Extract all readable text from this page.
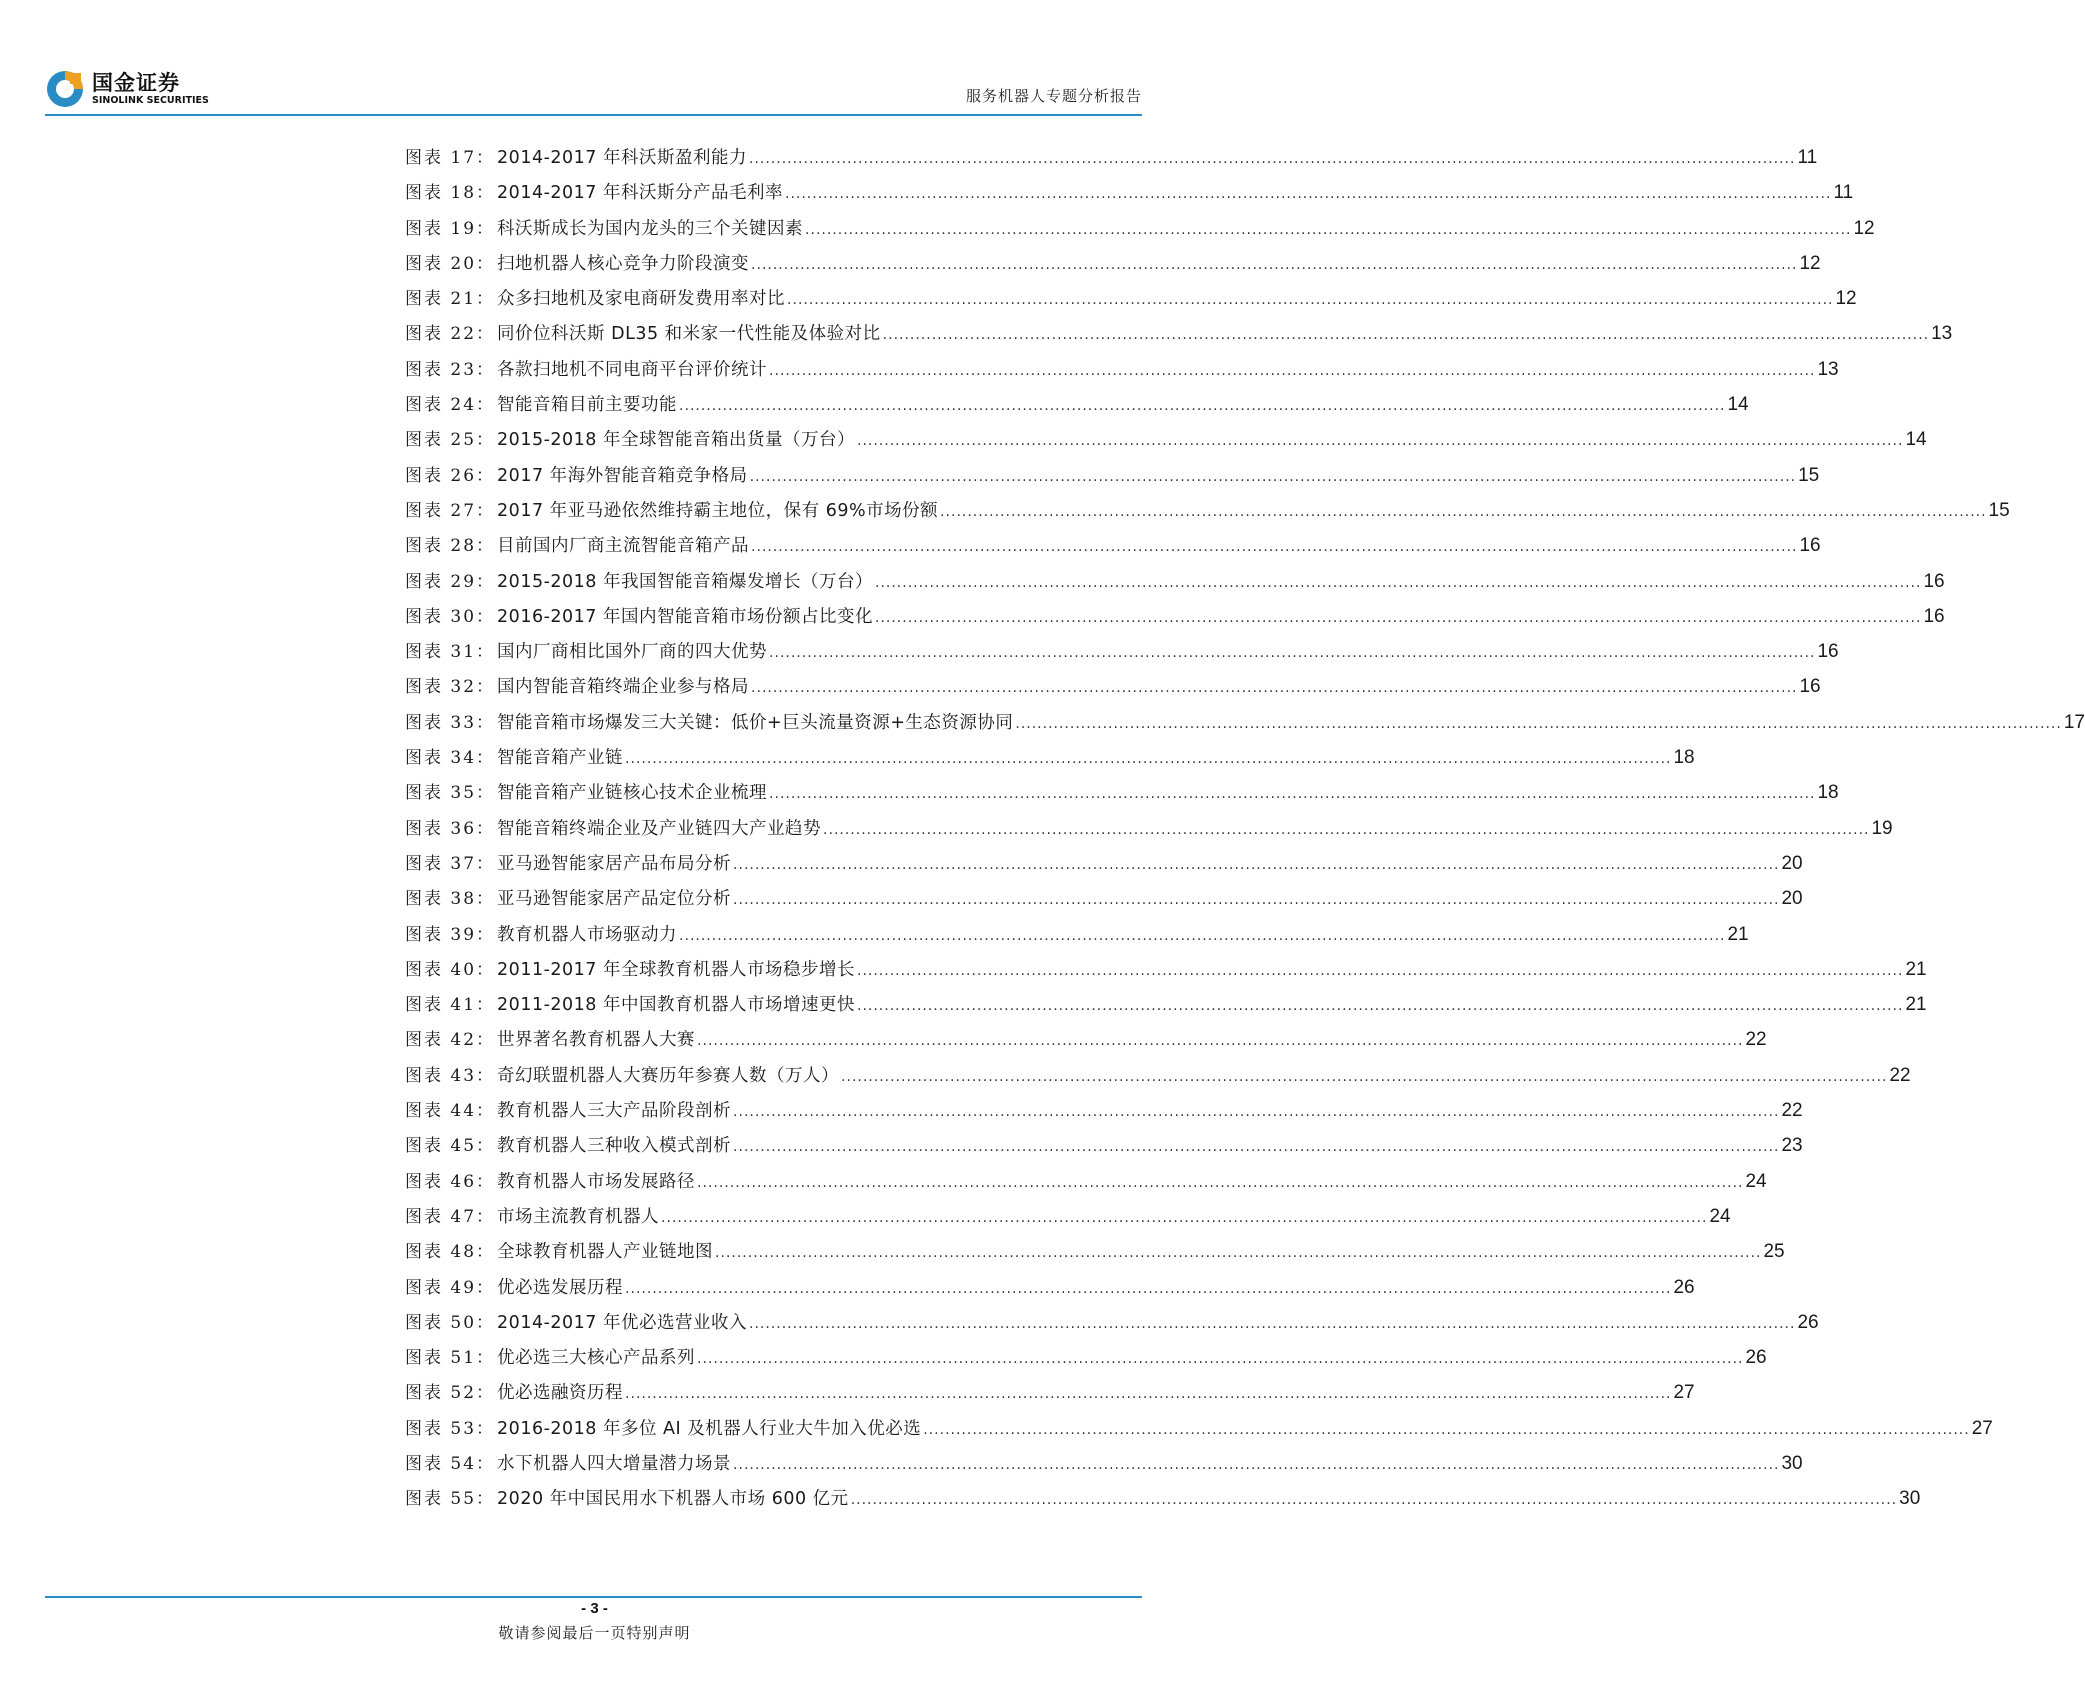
国金证券
SINOLINK SECURITIES	服务机器人专题分析报告
图表 17 ： 2014-2017 年科沃斯盈利能力 .....	11
图表 18 ： 2014-2017 年科沃斯分产品毛利率 .....	11
图表 19 ： 科沃斯成长为国内龙头的三个关键因素 .....	12
图表 20 ： 扫地机器人核心竞争力阶段演变 .....	12
图表 21 ： 众多扫地机及家电商研发费用率对比 .....	12
图表 22 ： 同价位科沃斯 DL35 和米家一代性能及体验对比 .....	13
图表 23 ： 各款扫地机不同电商平台评价统计 .....	13
图表 24 ： 智能音箱目前主要功能 .....	14
图表 25 ： 2015-2018 年全球智能音箱出货量（万台） .....	14
图表 26 ： 2017 年海外智能音箱竞争格局 .....	15
图表 27 ： 2017 年亚马逊依然维持霸主地位，保有 69%市场份额 .....	15
图表 28 ： 目前国内厂商主流智能音箱产品 .....	16
图表 29 ： 2015-2018 年我国智能音箱爆发增长（万台） .....	16
图表 30 ： 2016-2017 年国内智能音箱市场份额占比变化 .....	16
图表 31 ： 国内厂商相比国外厂商的四大优势 .....	16
图表 32 ： 国内智能音箱终端企业参与格局 .....	16
图表 33 ： 智能音箱市场爆发三大关键：低价+巨头流量资源+生态资源协同 .....	17
图表 34 ： 智能音箱产业链 .....	18
图表 35 ： 智能音箱产业链核心技术企业梳理 .....	18
图表 36 ： 智能音箱终端企业及产业链四大产业趋势 .....	19
图表 37 ： 亚马逊智能家居产品布局分析 .....	20
图表 38 ： 亚马逊智能家居产品定位分析 .....	20
图表 39 ： 教育机器人市场驱动力 .....	21
图表 40 ： 2011-2017 年全球教育机器人市场稳步增长 .....	21
图表 41 ： 2011-2018 年中国教育机器人市场增速更快 .....	21
图表 42 ： 世界著名教育机器人大赛 .....	22
图表 43 ： 奇幻联盟机器人大赛历年参赛人数（万人） .....	22
图表 44 ： 教育机器人三大产品阶段剖析 .....	22
图表 45 ： 教育机器人三种收入模式剖析 .....	23
图表 46 ： 教育机器人市场发展路径 .....	24
图表 47 ： 市场主流教育机器人 .....	24
图表 48 ： 全球教育机器人产业链地图 .....	25
图表 49 ： 优必选发展历程 .....	26
图表 50 ： 2014-2017 年优必选营业收入 .....	26
图表 51 ： 优必选三大核心产品系列 .....	26
图表 52 ： 优必选融资历程 .....	27
图表 53 ： 2016-2018 年多位 AI 及机器人行业大牛加入优必选 .....	27
图表 54 ： 水下机器人四大增量潜力场景 .....	30
图表 55 ： 2020 年中国民用水下机器人市场 600 亿元 .....	30
- 3 -
敬请参阅最后一页特别声明
